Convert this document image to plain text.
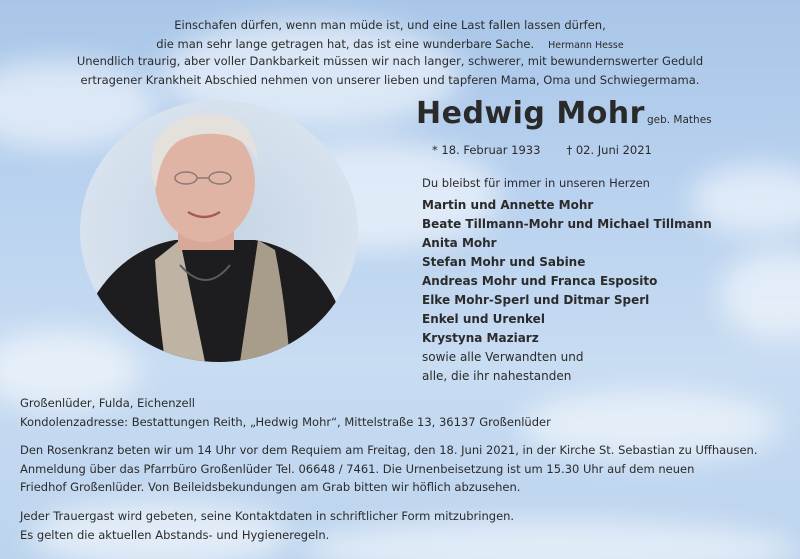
Einschafen dürfen, wenn man müde ist, und eine Last fallen lassen dürfen,
die man sehr lange getragen hat, das ist eine wunderbare Sache. Hermann Hesse
Unendlich traurig, aber voller Dankbarkeit müssen wir nach langer, schwerer, mit bewundernswerter Geduld
ertragener Krankheit Abschied nehmen von unserer lieben und tapferen Mama, Oma und Schwiegermama.
Hedwig Mohr geb. Mathes
* 18. Februar 1933 † 02. Juni 2021
Du bleibst für immer in unseren Herzen
Martin und Annette Mohr
Beate Tillmann-Mohr und Michael Tillmann
Anita Mohr
Stefan Mohr und Sabine
Andreas Mohr und Franca Esposito
Elke Mohr-Sperl und Ditmar Sperl
Enkel und Urenkel
Krystyna Maziarz
sowie alle Verwandten und
alle, die ihr nahestanden
Großenlüder, Fulda, Eichenzell
Kondolenzadresse: Bestattungen Reith, „Hedwig Mohr“, Mittelstraße 13, 36137 Großenlüder
Den Rosenkranz beten wir um 14 Uhr vor dem Requiem am Freitag, den 18. Juni 2021, in der Kirche St. Sebastian zu Uffhausen.
Anmeldung über das Pfarrbüro Großenlüder Tel. 06648 / 7461. Die Urnenbeisetzung ist um 15.30 Uhr auf dem neuen
Friedhof Großenlüder. Von Beileidsbekundungen am Grab bitten wir höflich abzusehen.
Jeder Trauergast wird gebeten, seine Kontaktdaten in schriftlicher Form mitzubringen.
Es gelten die aktuellen Abstands- und Hygieneregeln.
